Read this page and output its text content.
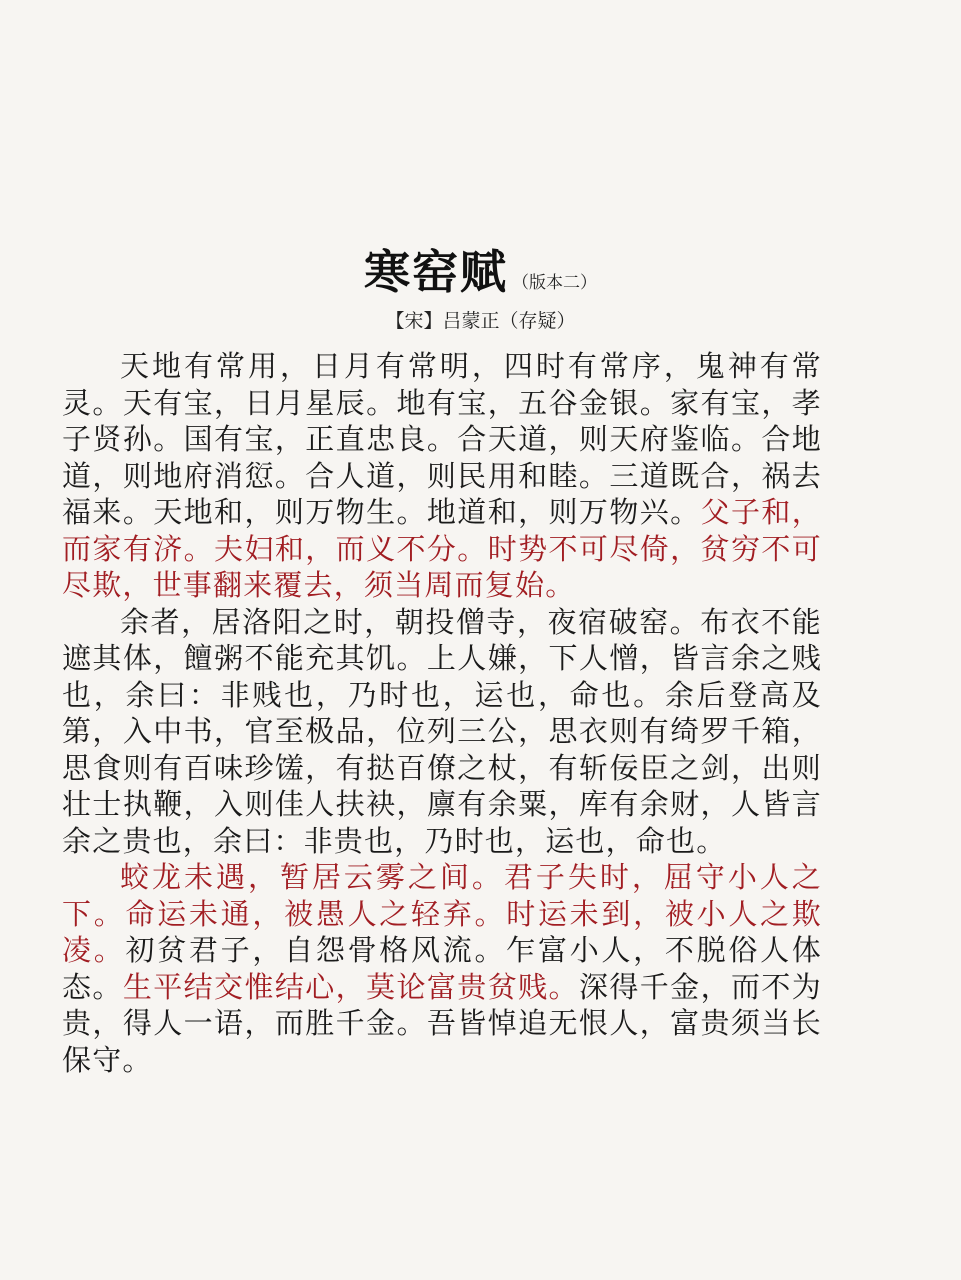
寒窑赋 （版本二）
【宋】吕蒙正（存疑）

天地有常用，日月有常明，四时有常序，鬼神有常灵。天有宝，日月星辰。地有宝，五谷金银。家有宝，孝子贤孙。国有宝，正直忠良。合天道，则天府鉴临。合地道，则地府消愆。合人道，则民用和睦。三道既合，祸去福来。天地和，则万物生。地道和，则万物兴。父子和，而家有济。夫妇和，而义不分。时势不可尽倚，贫穷不可尽欺，世事翻来覆去，须当周而复始。

余者，居洛阳之时，朝投僧寺，夜宿破窑。布衣不能遮其体，饘粥不能充其饥。上人嫌，下人憎，皆言余之贱也，余曰：非贱也，乃时也，运也，命也。余后登高及第，入中书，官至极品，位列三公，思衣则有绮罗千箱，思食则有百味珍馐，有挞百僚之杖，有斩佞臣之剑，出则壮士执鞭，入则佳人扶袂，廪有余粟，库有余财，人皆言余之贵也，余曰：非贵也，乃时也，运也，命也。

蛟龙未遇，暂居云雾之间。君子失时，屈守小人之下。命运未通，被愚人之轻弃。时运未到，被小人之欺凌。初贫君子，自怨骨格风流。乍富小人，不脱俗人体态。生平结交惟结心，莫论富贵贫贱。深得千金，而不为贵，得人一语，而胜千金。吾皆悼追无恨人，富贵须当长保守。
